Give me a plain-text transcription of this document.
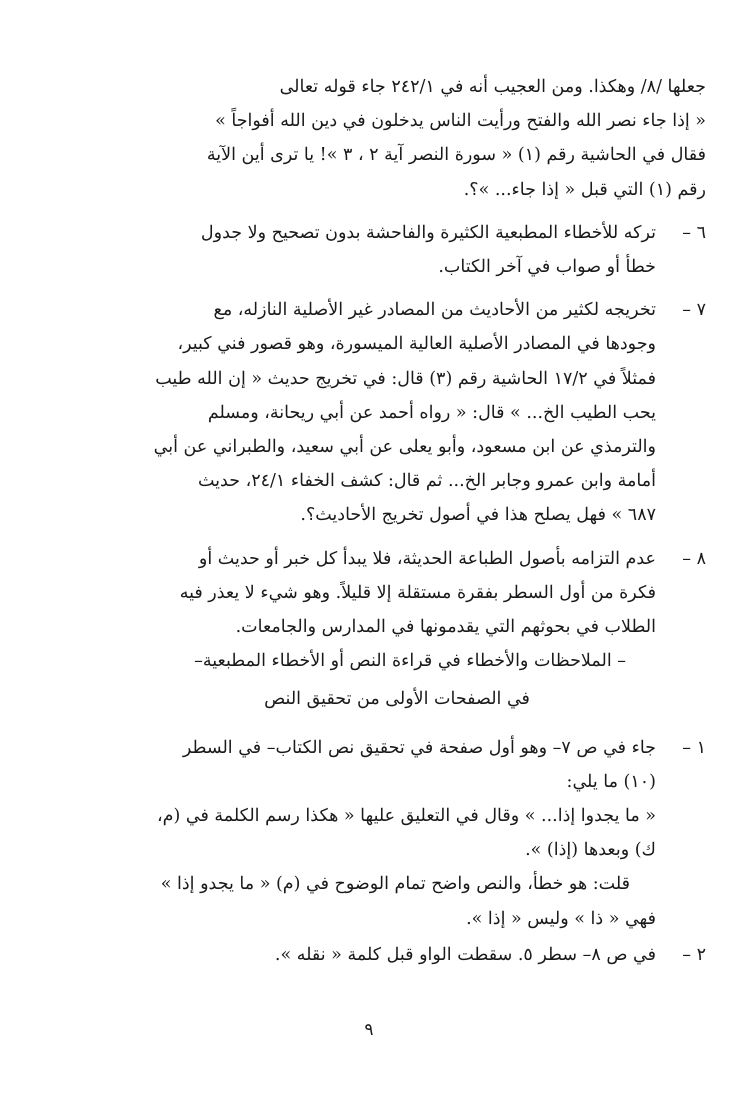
جعلها /٨/ وهكذا. ومن العجيب أنه في ٢٤٢/١ جاء قوله تعالى
« إذا جاء نصر الله والفتح ورأيت الناس يدخلون في دين الله أفواجاً »
فقال في الحاشية رقم (١) « سورة النصر آية ٢ ، ٣ »! يا ترى أين الآية
رقم (١) التي قبل « إذا جاء... »؟.
٦ –
تركه للأخطاء المطبعية الكثيرة والفاحشة بدون تصحيح ولا جدول
خطأ أو صواب في آخر الكتاب.
٧ –
تخريجه لكثير من الأحاديث من المصادر غير الأصلية النازله، مع
وجودها في المصادر الأصلية العالية الميسورة، وهو قصور فني كبير،
فمثلاً في ١٧/٢ الحاشية رقم (٣) قال: في تخريج حديث « إن الله طيب
يحب الطيب الخ... » قال: « رواه أحمد عن أبي ريحانة، ومسلم
والترمذي عن ابن مسعود، وأبو يعلى عن أبي سعيد، والطبراني عن أبي
أمامة وابن عمرو وجابر الخ... ثم قال: كشف الخفاء ٢٤/١، حديث
٦٨٧ » فهل يصلح هذا في أصول تخريج الأحاديث؟.
٨ –
عدم التزامه بأصول الطباعة الحديثة، فلا يبدأ كل خبر أو حديث أو
فكرة من أول السطر بفقرة مستقلة إلا قليلاً. وهو شيء لا يعذر فيه
الطلاب في بحوثهم التي يقدمونها في المدارس والجامعات.
– الملاحظات والأخطاء في قراءة النص أو الأخطاء المطبعية–
في الصفحات الأولى من تحقيق النص
١ –
جاء في ص ٧– وهو أول صفحة في تحقيق نص الكتاب– في السطر
(١٠) ما يلي:
« ما يجدوا إذا... » وقال في التعليق عليها « هكذا رسم الكلمة في (م،
ك) وبعدها (إذا) ».
قلت: هو خطأ، والنص واضح تمام الوضوح في (م) « ما يجدو إذا »
فهي « ذا » وليس « إذا ».
٢ –
في ص ٨– سطر ٥. سقطت الواو قبل كلمة « نقله ».
٩
